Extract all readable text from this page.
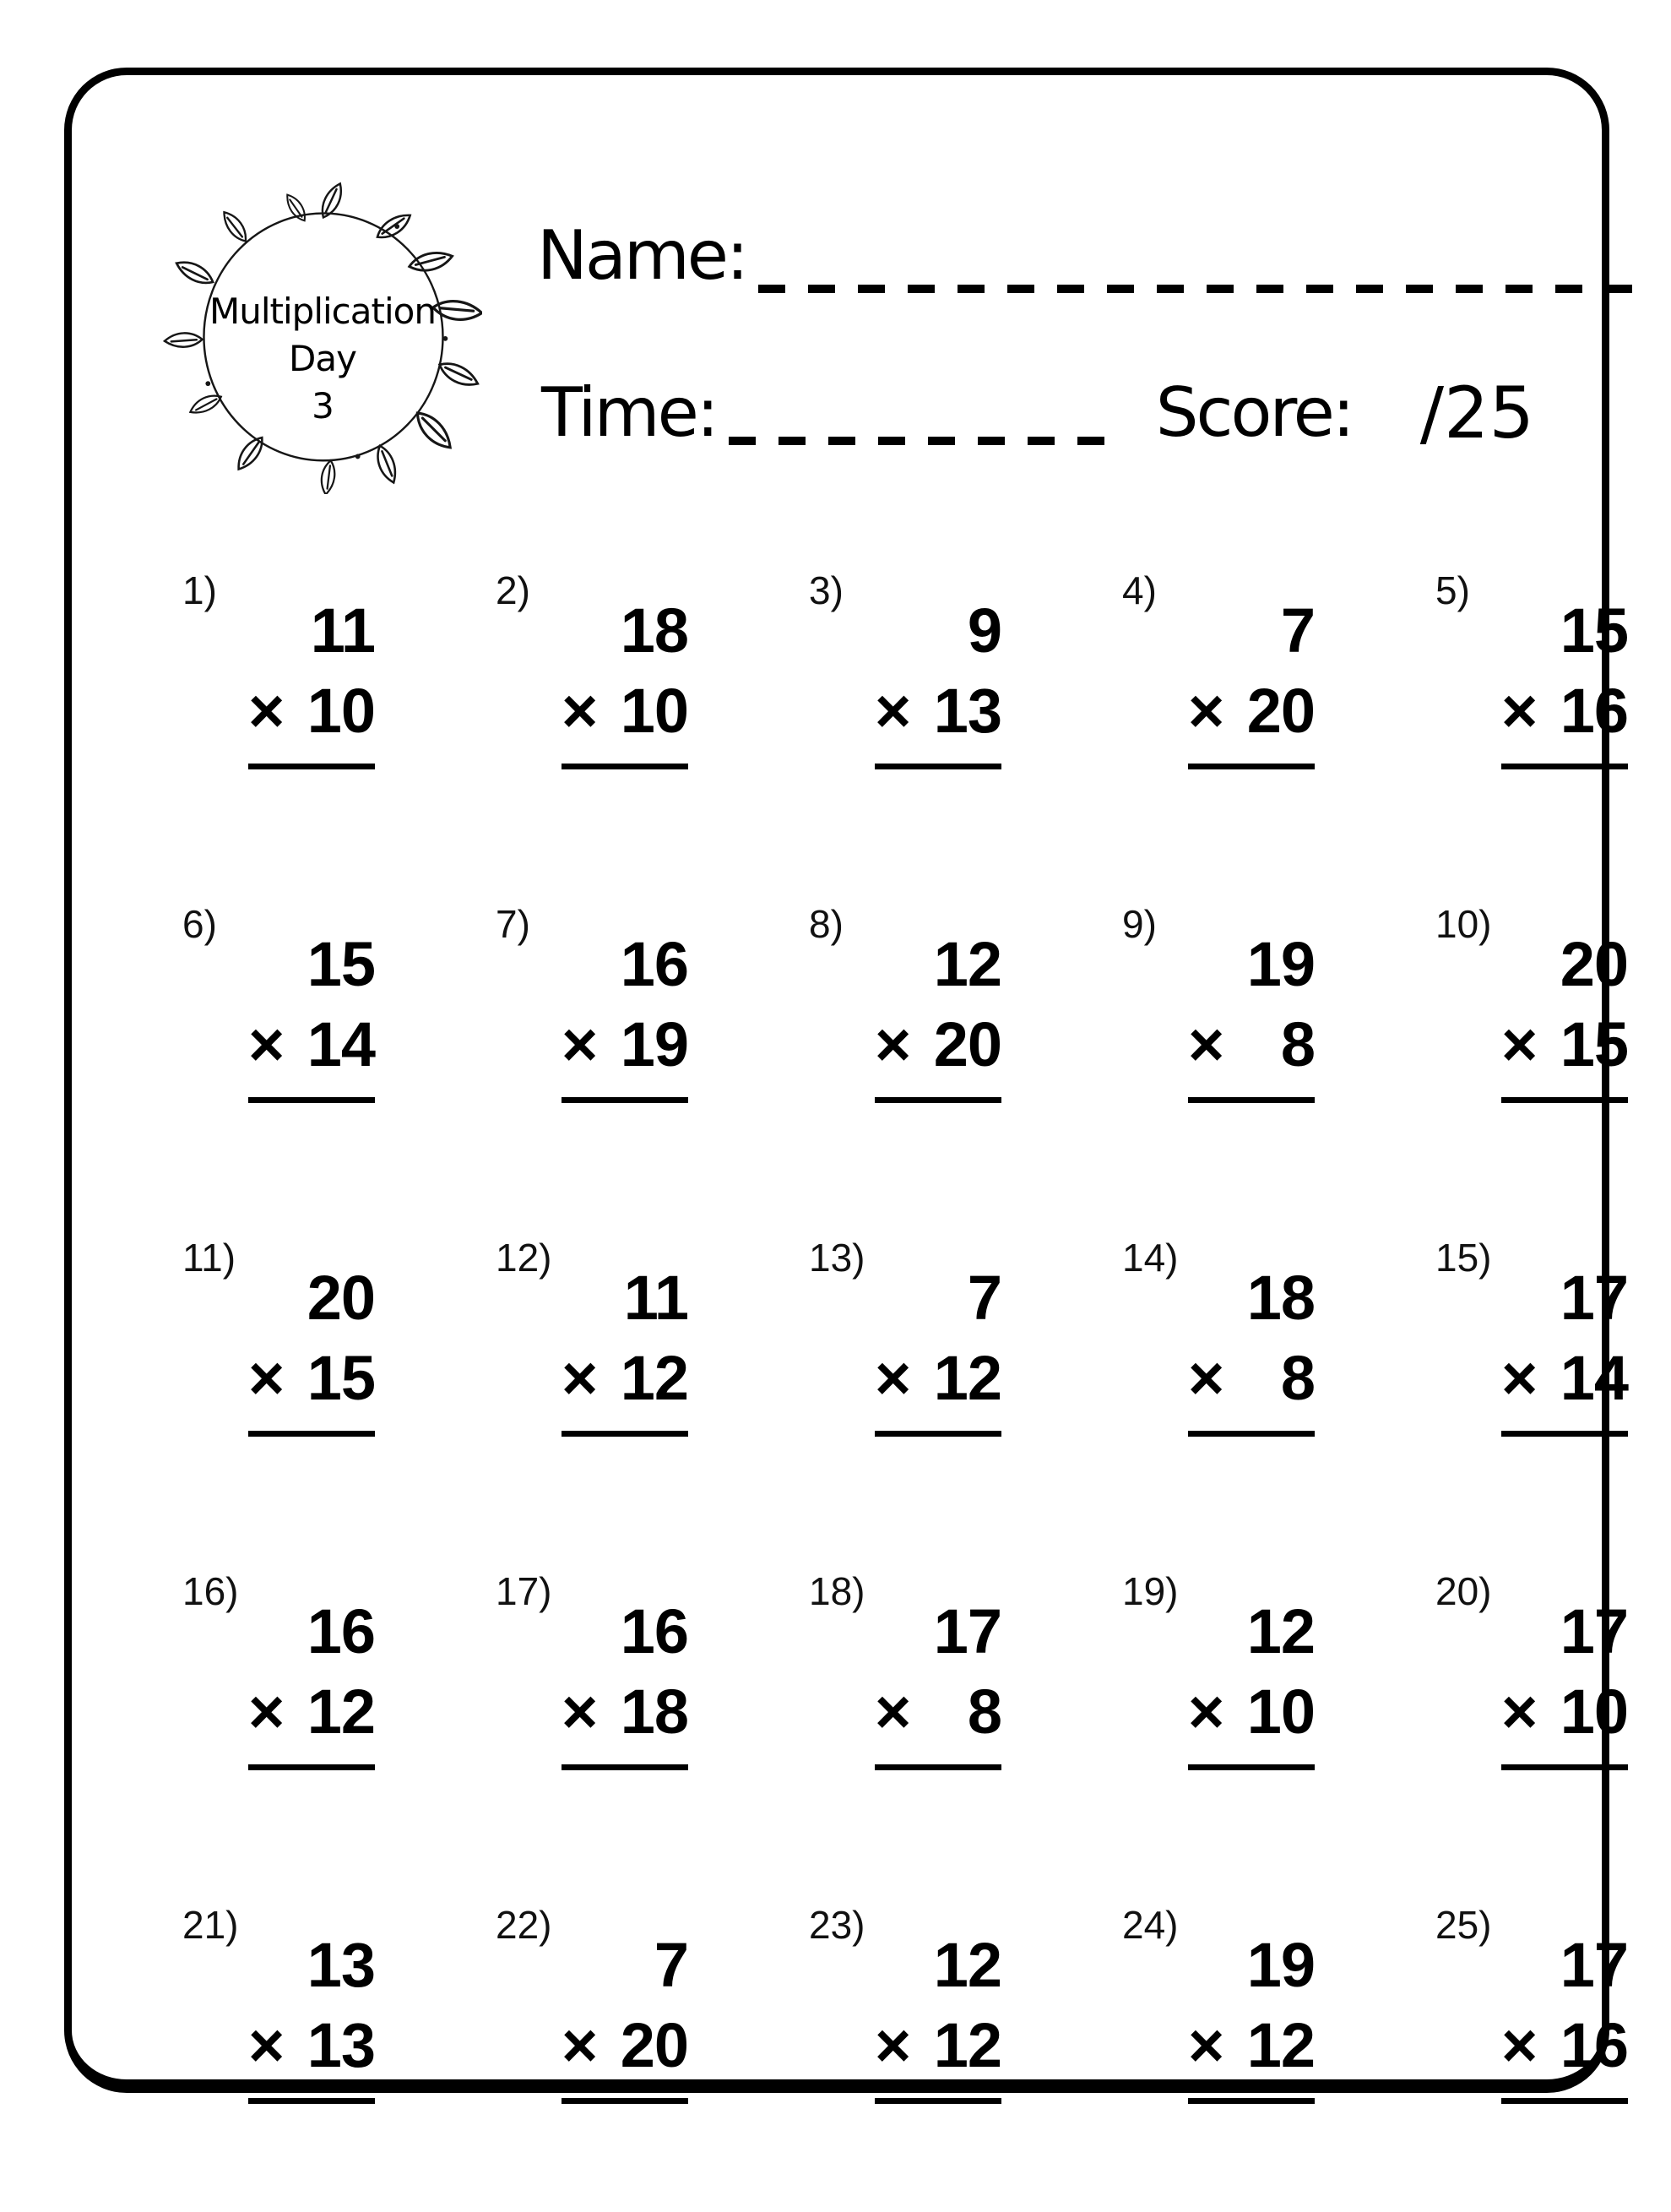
Multiplication
Day
3
Name:
Time:	Score: /25
1)
11
× 10
2)
18
× 10
3)
9
× 13
4)
7
× 20
5)
15
× 16
6)
15
× 14
7)
16
× 19
8)
12
× 20
9)
19
× 8
10)
20
× 15
11)
20
× 15
12)
11
× 12
13)
7
× 12
14)
18
× 8
15)
17
× 14
16)
16
× 12
17)
16
× 18
18)
17
× 8
19)
12
× 10
20)
17
× 10
21)
13
× 13
22)
7
× 20
23)
12
× 12
24)
19
× 12
25)
17
× 16
